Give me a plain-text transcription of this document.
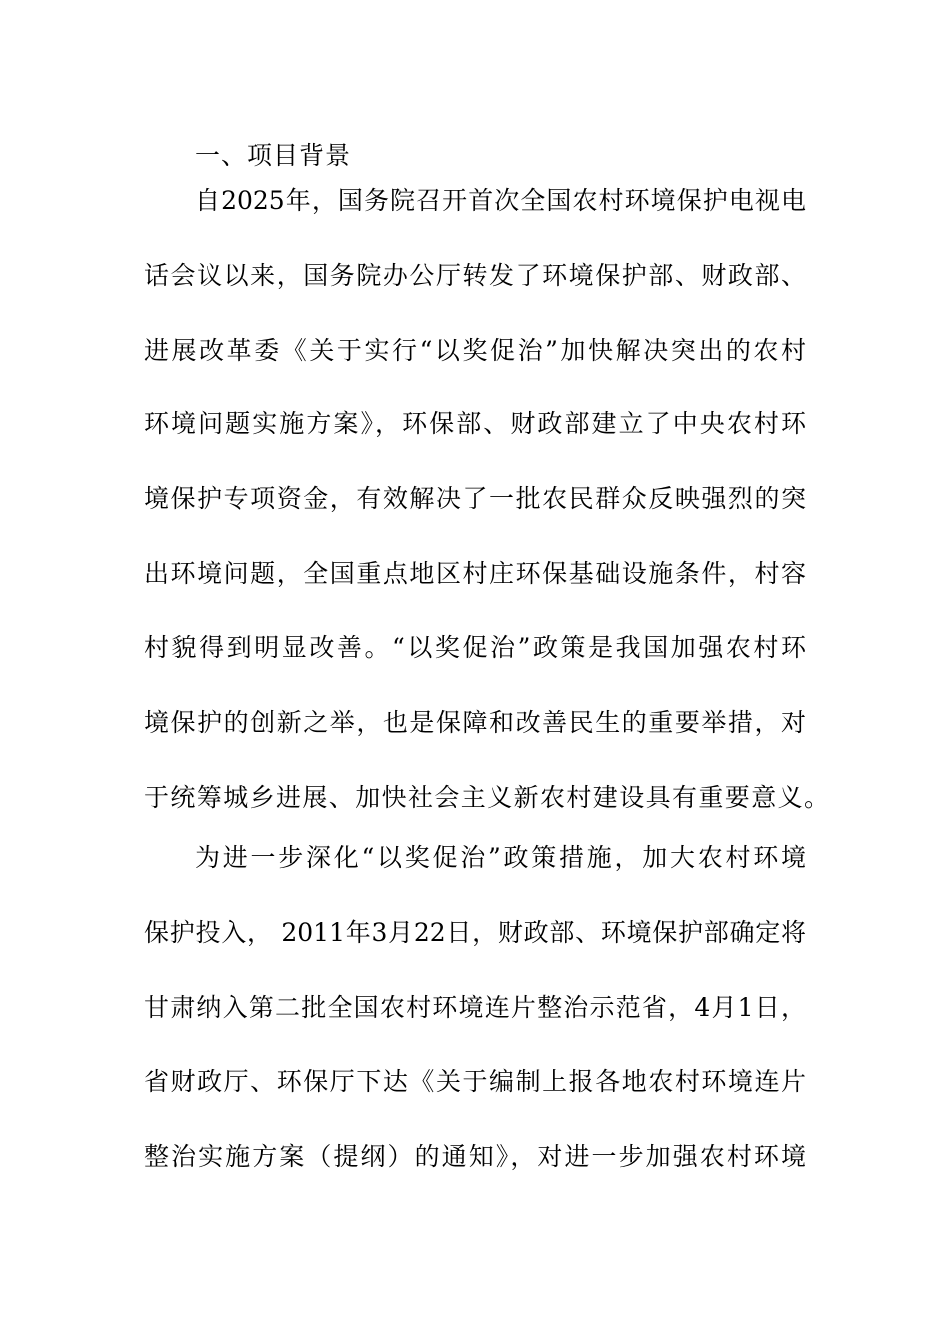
一、项目背景
自2025年，国务院召开首次全国农村环境保护电视电
话会议以来，国务院办公厅转发了环境保护部、财政部、
进展改革委《关于实行“以奖促治”加快解决突出的农村
环境问题实施方案》，环保部、财政部建立了中央农村环
境保护专项资金，有效解决了一批农民群众反映强烈的突
出环境问题，全国重点地区村庄环保基础设施条件，村容
村貌得到明显改善。“以奖促治”政策是我国加强农村环
境保护的创新之举，也是保障和改善民生的重要举措，对
于统筹城乡进展、加快社会主义新农村建设具有重要意义。
为进一步深化“以奖促治”政策措施，加大农村环境
保护投入， 2011年3月22日，财政部、环境保护部确定将
甘肃纳入第二批全国农村环境连片整治示范省，4月1日，
省财政厅、环保厅下达《关于编制上报各地农村环境连片
整治实施方案（提纲）的通知》，对进一步加强农村环境
